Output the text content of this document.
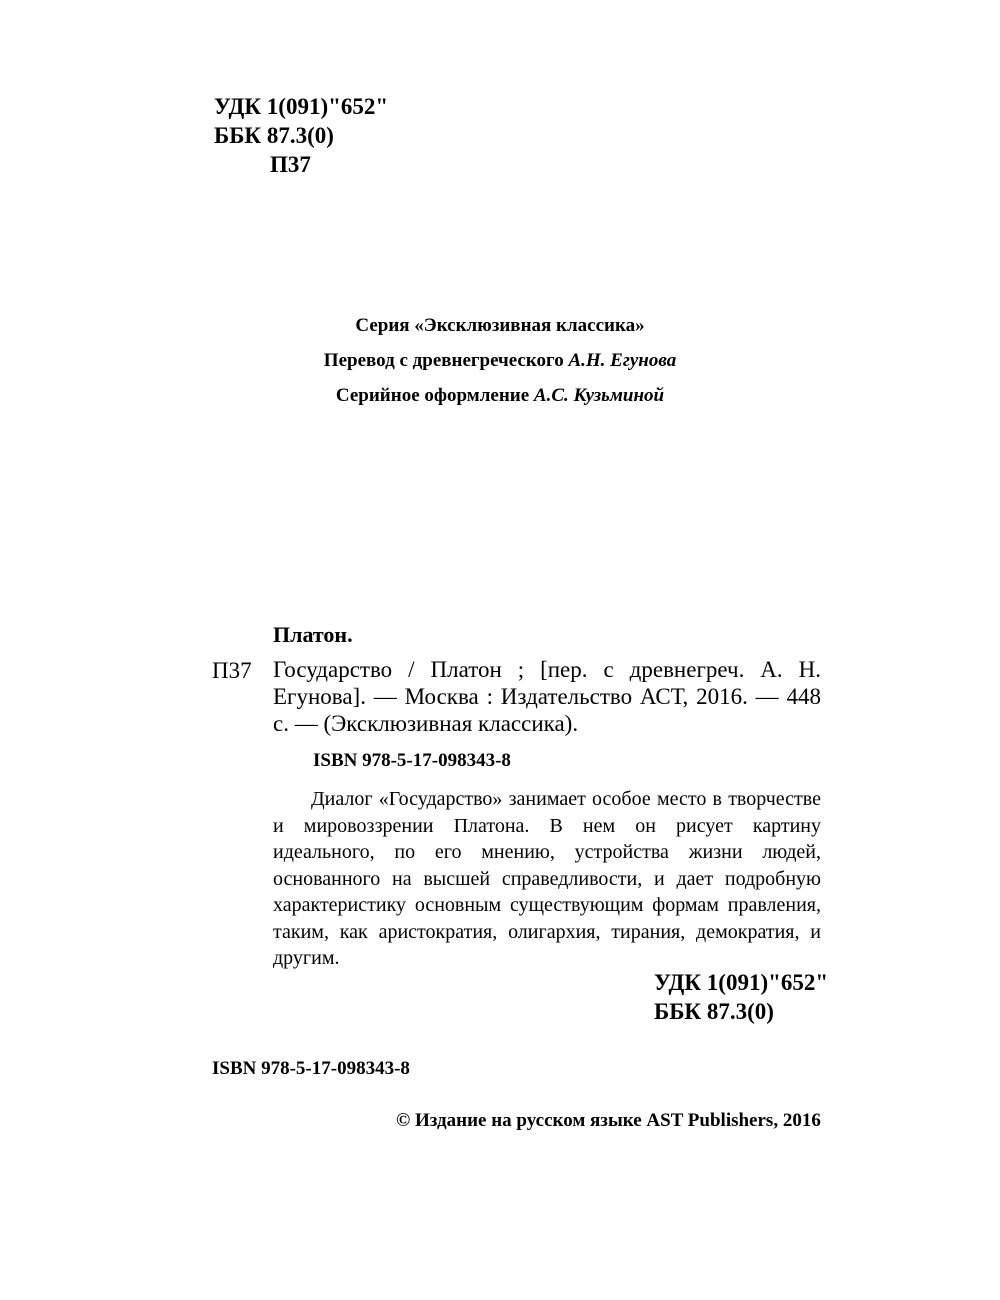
УДК 1(091)"652"
ББК 87.3(0)
П37
Серия «Эксклюзивная классика»
Перевод с древнегреческого А.Н. Егунова
Серийное оформление А.С. Кузьминой
Платон.
П37 Государство / Платон ; [пер. с древнегреч. А. Н. Егунова]. — Москва : Издательство АСТ, 2016. — 448 с. — (Эксклюзивная классика).
ISBN 978-5-17-098343-8
Диалог «Государство» занимает особое место в творчестве и мировоззрении Платона. В нем он рисует картину идеального, по его мнению, устройства жизни людей, основанного на высшей справедливости, и дает подробную характеристику основным существующим формам правления, таким, как аристократия, олигархия, тирания, демократия, и другим.
УДК 1(091)"652"
ББК 87.3(0)
ISBN 978-5-17-098343-8
© Издание на русском языке AST Publishers, 2016
